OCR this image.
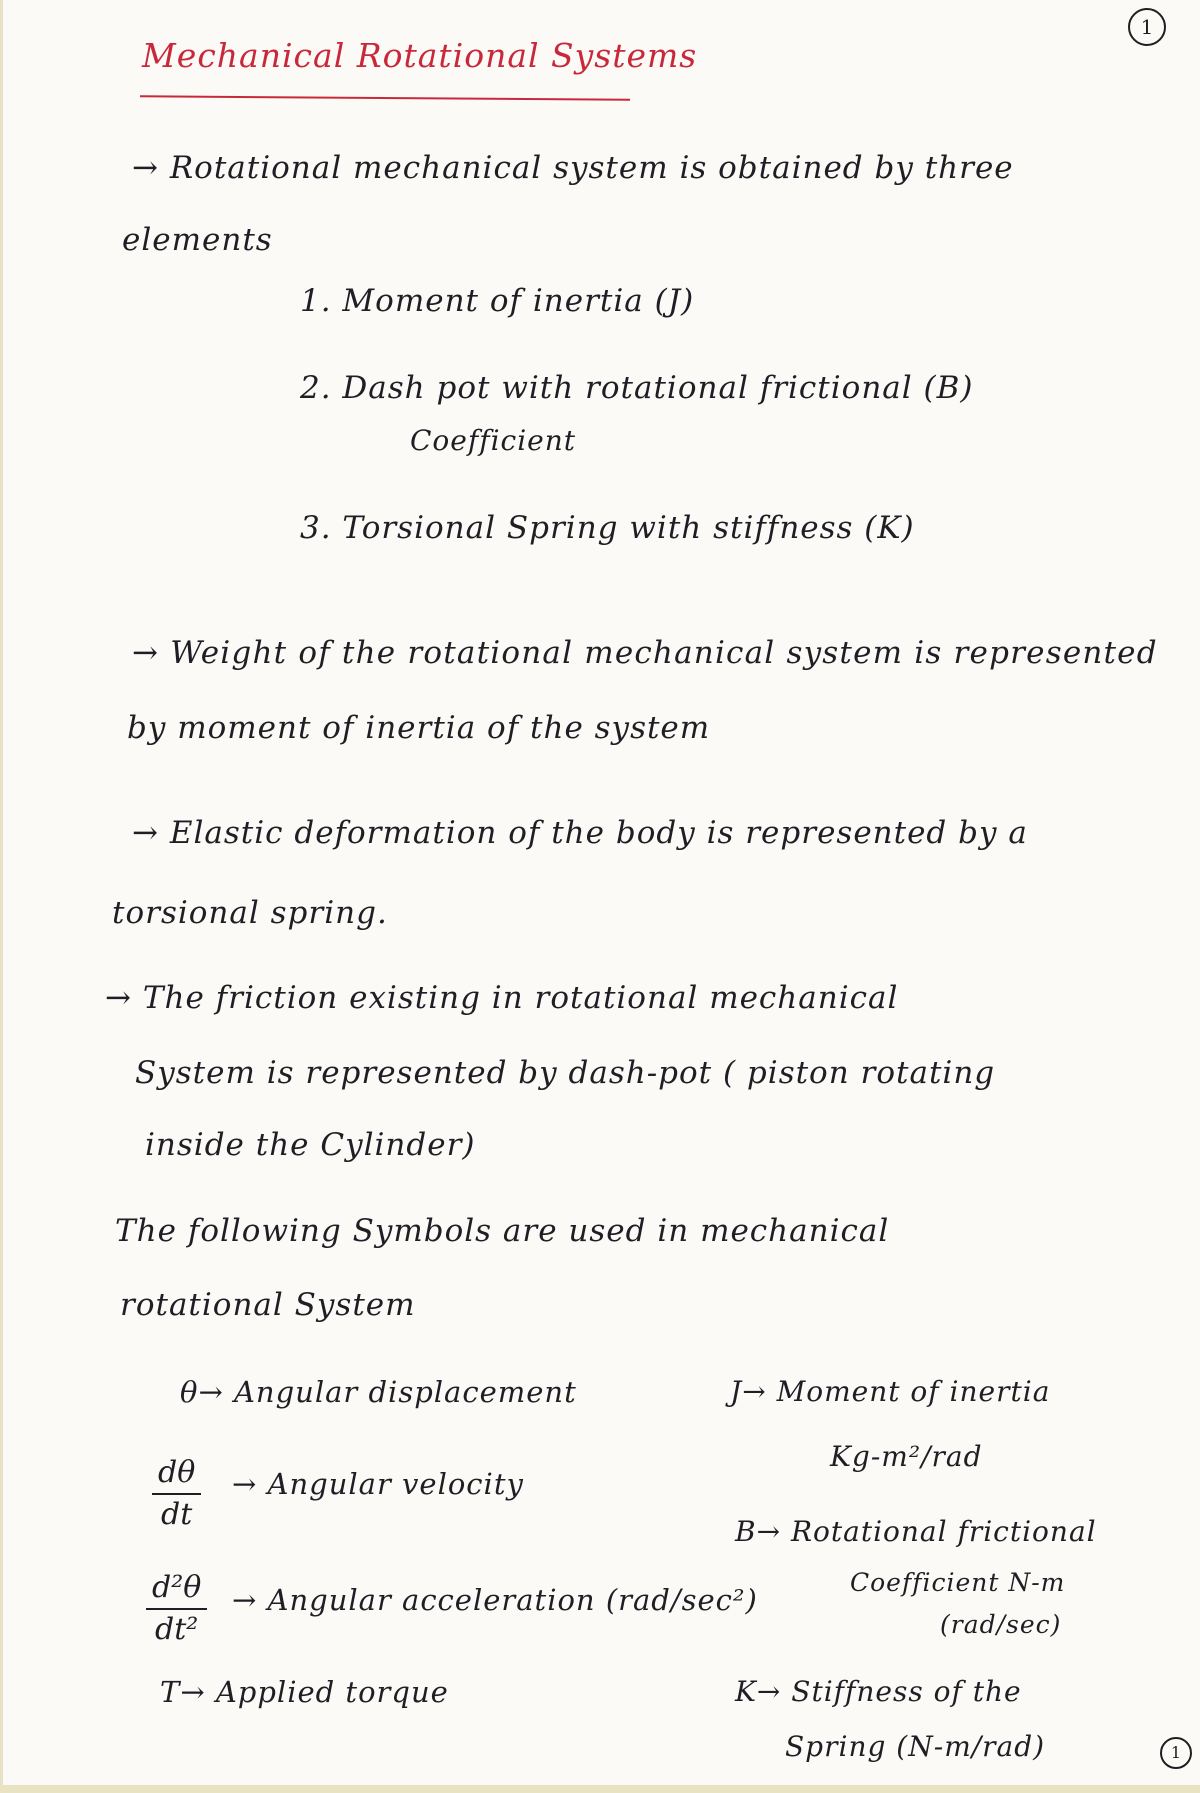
1
Mechanical Rotational Systems
→ Rotational mechanical system is obtained by three
elements
1. Moment of inertia (J)
2. Dash pot with rotational frictional (B)
Coefficient
3. Torsional Spring with stiffness (K)
→ Weight of the rotational mechanical system is represented
by moment of inertia of the system
→ Elastic deformation of the body is represented by a
torsional spring.
→ The friction existing in rotational mechanical
System is represented by dash-pot ( piston rotating
inside the Cylinder)
The following Symbols are used in mechanical
rotational System
θ→ Angular displacement
$\frac{d\theta}{dt}$ → Angular velocity
$\frac{\text{d²θ}}{\text{dt²}}$ → Angular acceleration (rad/sec²)
T→ Applied torque
J→ Moment of inertia
Kg-m²/rad
B→ Rotational frictional
Coefficient N-m
(rad/sec)
K→ Stiffness of the
Spring (N-m/rad)	1
